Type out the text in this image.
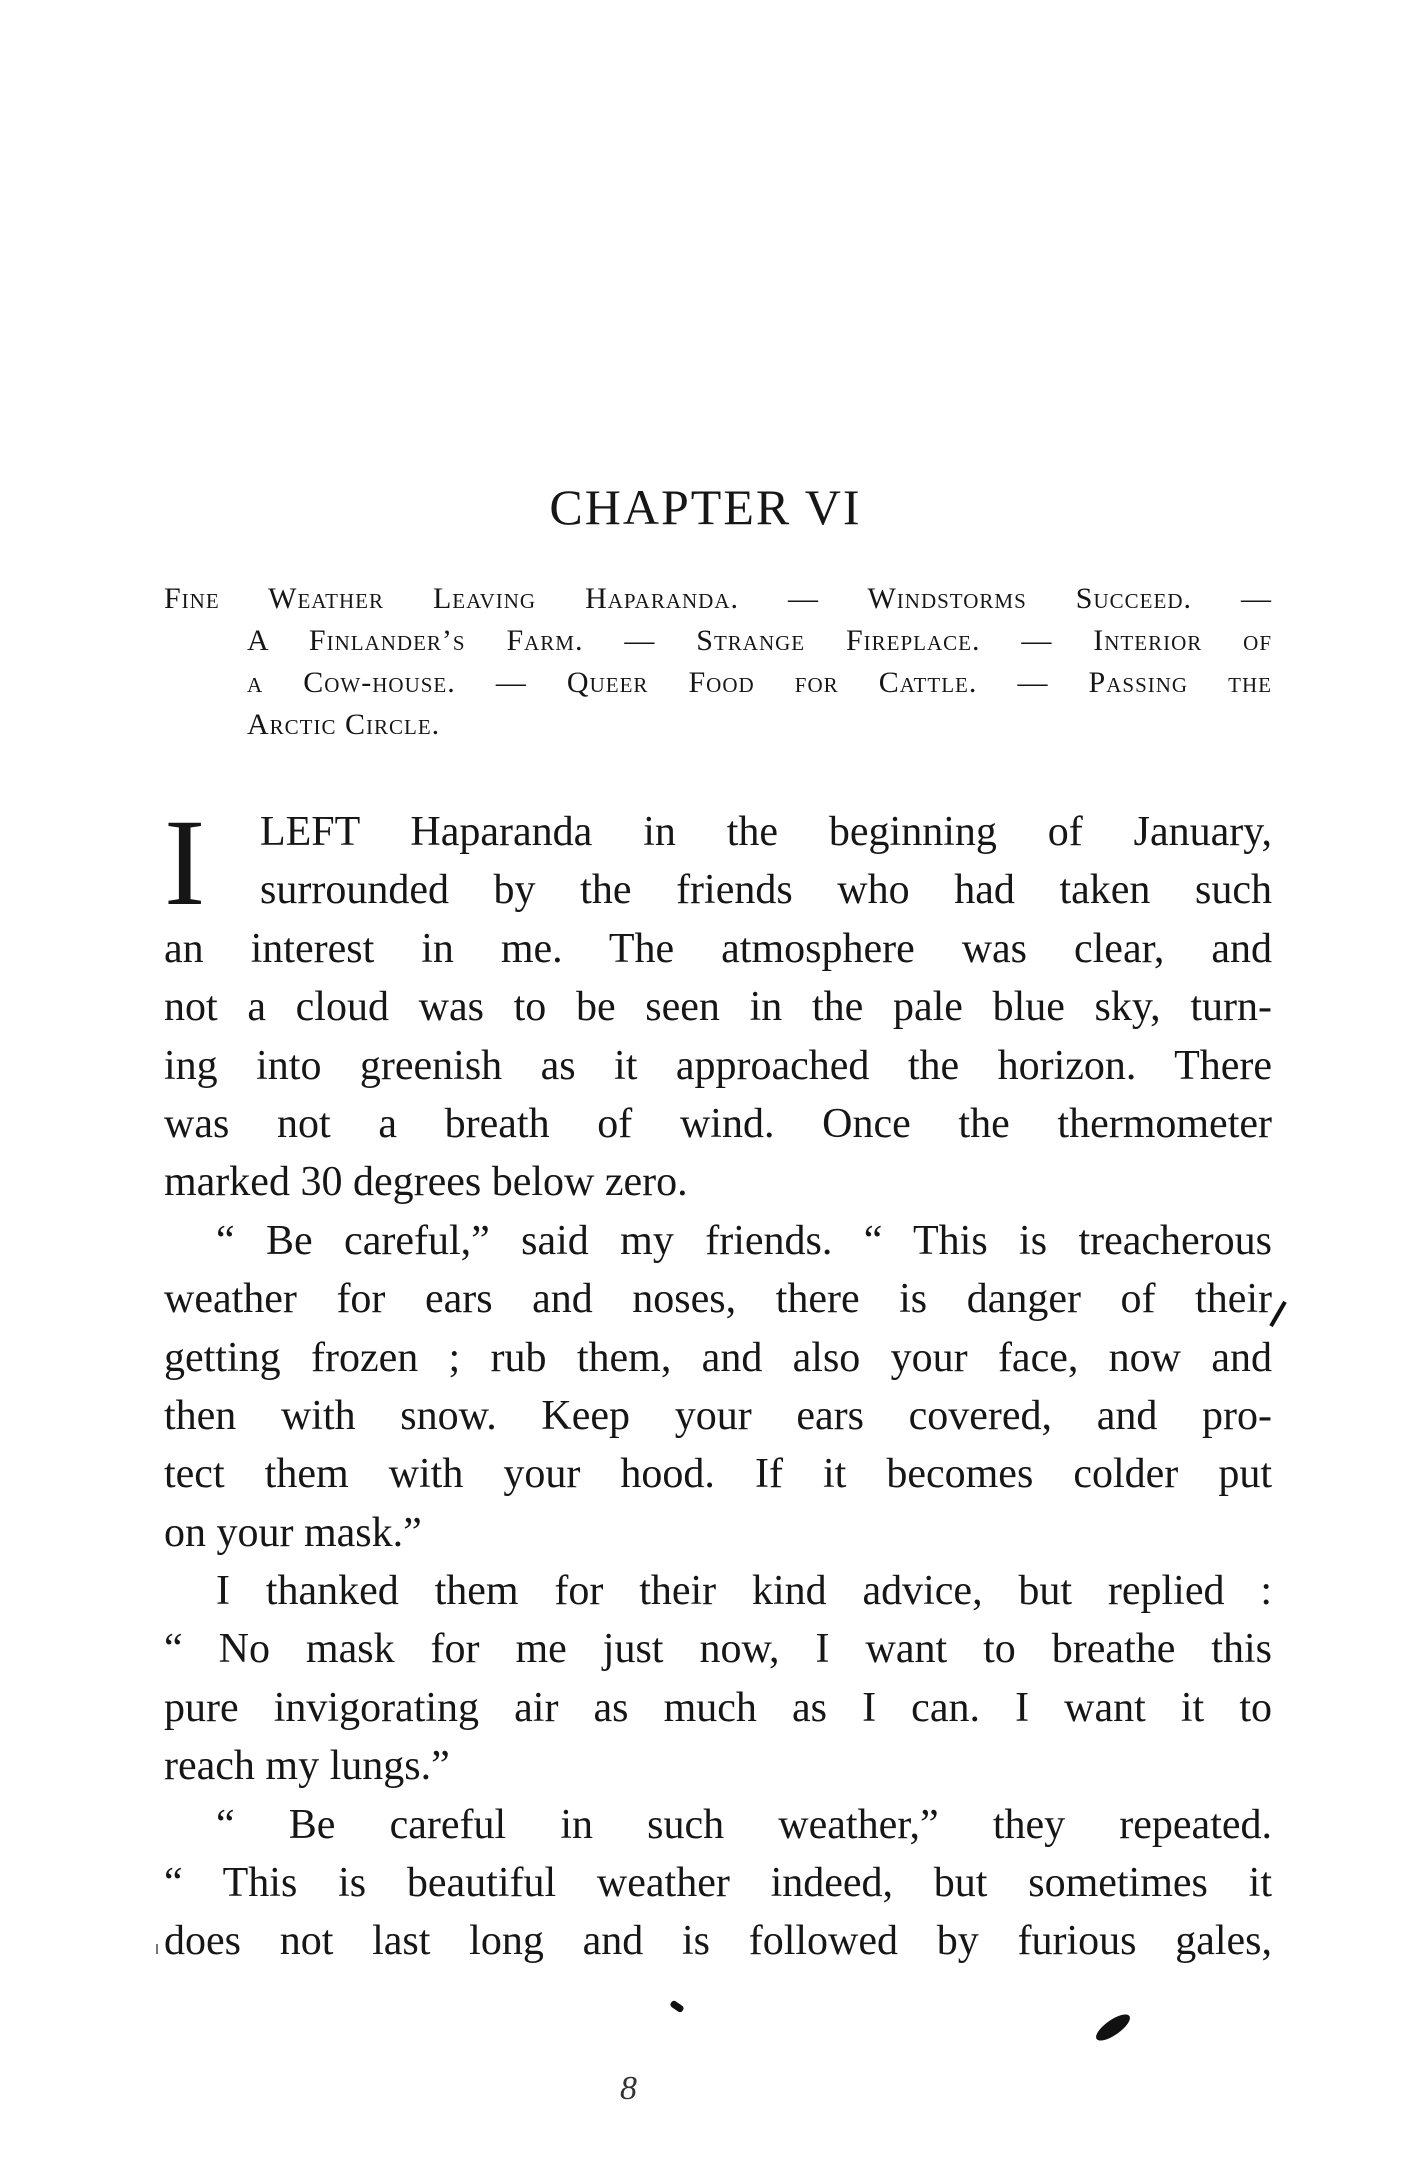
CHAPTER VI
Fine Weather Leaving Haparanda. — Windstorms Succeed. —
A Finlander’s Farm. — Strange Fireplace. — Interior of
a Cow-house. — Queer Food for Cattle. — Passing the
Arctic Circle.
I	LEFT Haparanda in the beginning of January,
surrounded by the friends who had taken such
an interest in me. The atmosphere was clear, and
not a cloud was to be seen in the pale blue sky, turn-
ing into greenish as it approached the horizon. There
was not a breath of wind. Once the thermometer
marked 30 degrees below zero.
“ Be careful,” said my friends. “ This is treacherous
weather for ears and noses, there is danger of their
getting frozen ; rub them, and also your face, now and
then with snow. Keep your ears covered, and pro-
tect them with your hood. If it becomes colder put
on your mask.”
I thanked them for their kind advice, but replied :
“ No mask for me just now, I want to breathe this
pure invigorating air as much as I can. I want it to
reach my lungs.”
“ Be careful in such weather,” they repeated.
“ This is beautiful weather indeed, but sometimes it
does not last long and is followed by furious gales,
8
